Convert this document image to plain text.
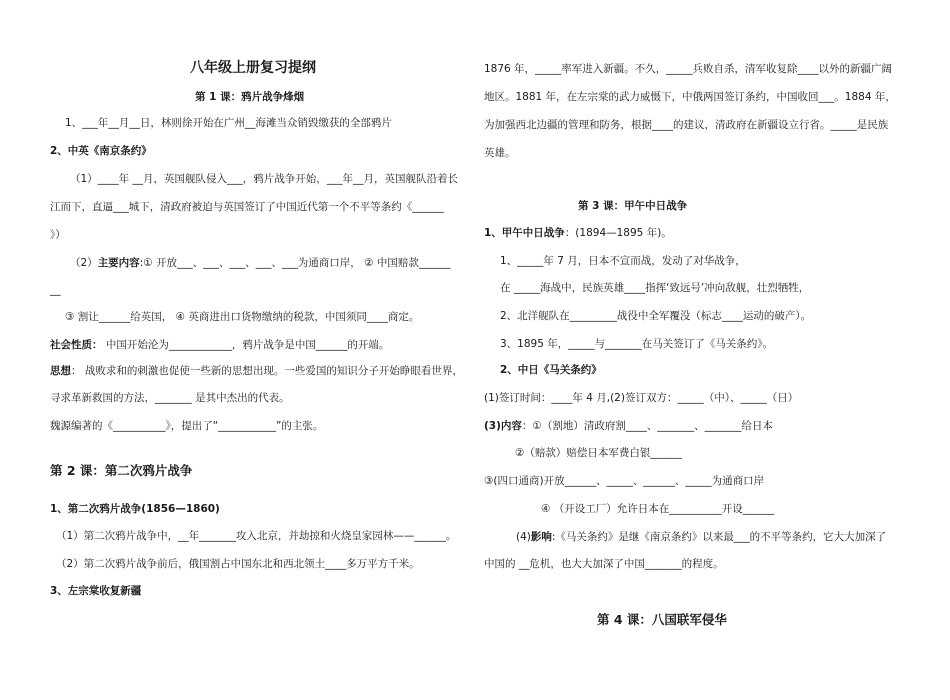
八年级上册复习提纲
第 1 课：鸦片战争烽烟
1、___年__月__日，林则徐开始在广州__海滩当众销毁缴获的全部鸦片
2、中英《南京条约》
（1）____年 __月，英国舰队侵入___，鸦片战争开始，___年__月，英国舰队沿着长
江而下，直逼___城下，清政府被迫与英国签订了中国近代第一个不平等条约《______
》）
（2）主要内容:① 开放___、___、___、___、___为通商口岸， ② 中国赔款______
__
③ 割让______给英国， ④ 英商进出口货物缴纳的税款，中国须同____商定。
社会性质： 中国开始沦为____________，鸦片战争是中国______的开端。
思想： 战败求和的刺激也促使一些新的思想出现。一些爱国的知识分子开始睁眼看世界，
寻求革新救国的方法，_______ 是其中杰出的代表。
魏源编著的《__________》，提出了“___________”的主张。
第 2 课：第二次鸦片战争
1、第二次鸦片战争(1856—1860)
（1）第二次鸦片战争中，__年_______攻入北京，并劫掠和火烧皇家园林——______。
（2）第二次鸦片战争前后，俄国割占中国东北和西北领土____多万平方千米。
3、左宗棠收复新疆
1876 年，_____率军进入新疆。不久，_____兵败自杀，清军收复除____以外的新疆广阔
地区。1881 年，在左宗棠的武力威慑下，中俄两国签订条约，中国收回___。1884 年，
为加强西北边疆的管理和防务，根据____的建议，清政府在新疆设立行省。_____是民族
英雄。
第 3 课：甲午中日战争
1、甲午中日战争：(1894—1895 年)。
1、_____年 7 月，日本不宣而战，发动了对华战争，
在 _____海战中，民族英雄____指挥‘致远号’冲向敌舰，壮烈牺牲，
2、北洋舰队在_________战役中全军覆没（标志____运动的破产）。
3、1895 年，_____与_______在马关签订了《马关条约》。
2、中日《马关条约》
(1)签订时间：____年 4 月,(2)签订双方：_____（中）、_____（日）
(3)内容：①（割地）清政府割____、_______、_______给日本
②（赔款）赔偿日本军费白银______
③(四口通商)开放______、_____、______、_____为通商口岸
④ （开设工厂）允许日本在__________开设______
(4)影响:《马关条约》是继《南京条约》以来最___的不平等条约，它大大加深了
中国的 __危机，也大大加深了中国_______的程度。
第 4 课：八国联军侵华
